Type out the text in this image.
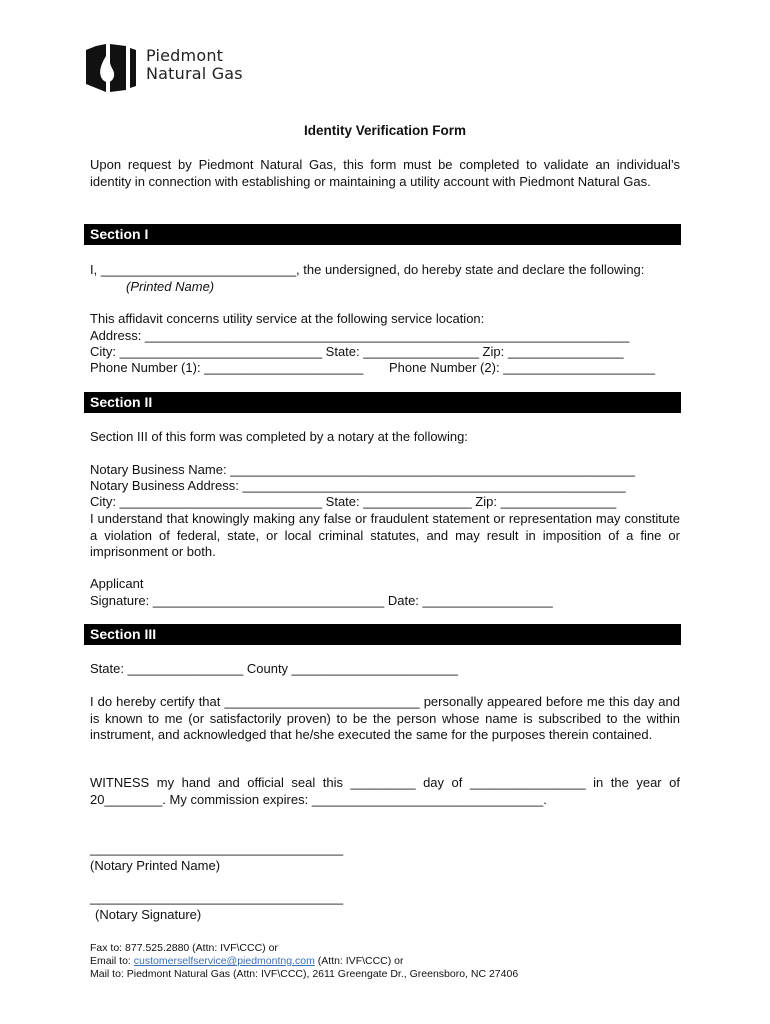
Piedmont
Natural Gas
Identity Verification Form
Upon request by Piedmont Natural Gas, this form must be completed to validate an individual’s identity in connection with establishing or maintaining a utility account with Piedmont Natural Gas.
Section I
I, ___________________________, the undersigned, do hereby state and declare the following:
(Printed Name)
This affidavit concerns utility service at the following service location:
Address: ___________________________________________________________________
City: ____________________________ State: ________________ Zip: ________________
Phone Number (1): ______________________ Phone Number (2): _____________________
Section II
Section III of this form was completed by a notary at the following:
Notary Business Name: ________________________________________________________
Notary Business Address: _____________________________________________________
City: ____________________________ State: _______________ Zip: ________________
I understand that knowingly making any false or fraudulent statement or representation may constitute a violation of federal, state, or local criminal statutes, and may result in imposition of a fine or imprisonment or both.
Applicant
Signature: ________________________________ Date: __________________
Section III
State: ________________ County _______________________
I do hereby certify that ___________________________ personally appeared before me this day and is known to me (or satisfactorily proven) to be the person whose name is subscribed to the within instrument, and acknowledged that he/she executed the same for the purposes therein contained.
WITNESS my hand and official seal this _________ day of ________________ in the year of 20________. My commission expires: ________________________________.
___________________________________
(Notary Printed Name)
___________________________________
(Notary Signature)
Fax to: 877.525.2880 (Attn: IVF\CCC) or
Email to: customerselfservice@piedmontng.com (Attn: IVF\CCC) or
Mail to: Piedmont Natural Gas (Attn: IVF\CCC), 2611 Greengate Dr., Greensboro, NC 27406
